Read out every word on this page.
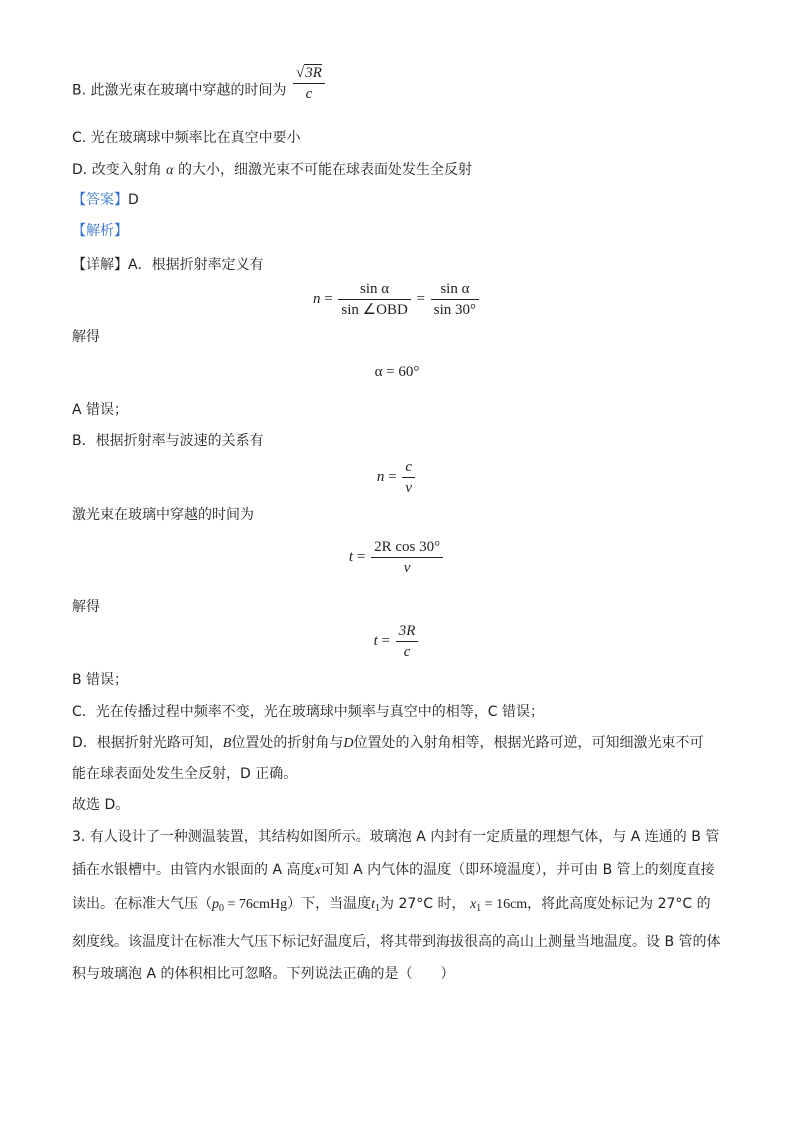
B. 此激光束在玻璃中穿越的时间为 $\frac{√3R}{c}$
C. 光在玻璃球中频率比在真空中要小
D. 改变入射角 α 的大小，细激光束不可能在球表面处发生全反射
【答案】D
【解析】
【详解】A．根据折射率定义有
$n = \frac{\text{sin α}}{\text{sin ∠OBD}} = \frac{\text{sin α}}{\sin 30^\circ}$
解得
α = 60°
A 错误；
B．根据折射率与波速的关系有
$n = \frac{c}{v}$
激光束在玻璃中穿越的时间为
$t = \frac{\text{2R cos 30°}}{v}$
解得
$t = \frac{3R}{c}$
B 错误；
C．光在传播过程中频率不变，光在玻璃球中频率与真空中的相等，C 错误；
D．根据折射光路可知，B位置处的折射角与D位置处的入射角相等，根据光路可逆，可知细激光束不可
能在球表面处发生全反射，D 正确。
故选 D。
3. 有人设计了一种测温装置，其结构如图所示。玻璃泡 A 内封有一定质量的理想气体，与 A 连通的 B 管
插在水银槽中。由管内水银面的 A 高度x可知 A 内气体的温度（即环境温度），并可由 B 管上的刻度直接
读出。在标准大气压（$p_0$ = 76cmHg）下，当温度$t_1$为 27°C 时， $x_1 = 16cm$，将此高度处标记为 27°C 的
刻度线。该温度计在标准大气压下标记好温度后，将其带到海拔很高的高山上测量当地温度。设 B 管的体
积与玻璃泡 A 的体积相比可忽略。下列说法正确的是（　　）
